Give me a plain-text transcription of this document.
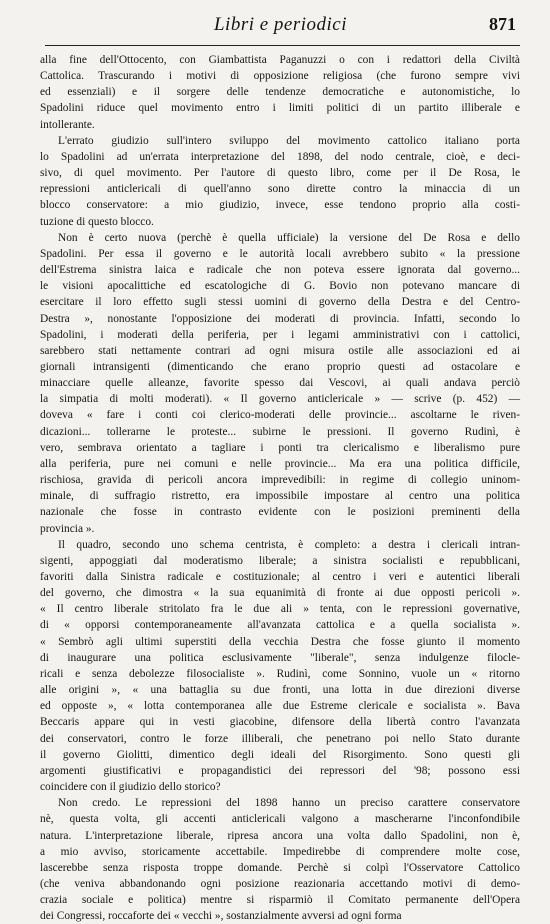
Libri e periodici	871

alla fine dell'Ottocento, con Giambattista Paganuzzi o con i redattori della Civiltà

Cattolica. Trascurando i motivi di opposizione religiosa (che furono sempre vivi

ed essenziali) e il sorgere delle tendenze democratiche e autonomistiche, lo

Spadolini riduce quel movimento entro i limiti politici di un partito illiberale e

intollerante.

L'errato giudizio sull'intero sviluppo del movimento cattolico italiano porta

lo Spadolini ad un'errata interpretazione del 1898, del nodo centrale, cioè, e deci-

sivo, di quel movimento. Per l'autore di questo libro, come per il De Rosa, le

repressioni anticlericali di quell'anno sono dirette contro la minaccia di un

blocco conservatore: a mio giudizio, invece, esse tendono proprio alla costi-

tuzione di questo blocco.

Non è certo nuova (perchè è quella ufficiale) la versione del De Rosa e dello

Spadolini. Per essa il governo e le autorità locali avrebbero subito « la pressione

dell'Estrema sinistra laica e radicale che non poteva essere ignorata dal governo...

le visioni apocalittiche ed escatologiche di G. Bovio non potevano mancare di

esercitare il loro effetto sugli stessi uomini di governo della Destra e del Centro-

Destra », nonostante l'opposizione dei moderati di provincia. Infatti, secondo lo

Spadolini, i moderati della periferia, per i legami amministrativi con i cattolici,

sarebbero stati nettamente contrari ad ogni misura ostile alle associazioni ed ai

giornali intransigenti (dimenticando che erano proprio questi ad ostacolare e

minacciare quelle alleanze, favorite spesso dai Vescovi, ai quali andava perciò

la simpatia di molti moderati). « Il governo anticlericale » — scrive (p. 452) —

doveva « fare i conti coi clerico-moderati delle provincie... ascoltarne le riven-

dicazioni... tollerarne le proteste... subirne le pressioni. Il governo Rudinì, è

vero, sembrava orientato a tagliare i ponti tra clericalismo e liberalismo pure

alla periferia, pure nei comuni e nelle provincie... Ma era una politica difficile,

rischiosa, gravida di pericoli ancora imprevedibili: in regime di collegio uninom-

minale, di suffragio ristretto, era impossibile impostare al centro una politica

nazionale che fosse in contrasto evidente con le posizioni preminenti della

provincia ».

Il quadro, secondo uno schema centrista, è completo: a destra i clericali intran-

sigenti, appoggiati dal moderatismo liberale; a sinistra socialisti e repubblicani,

favoriti dalla Sinistra radicale e costituzionale; al centro i veri e autentici liberali

del governo, che dimostra « la sua equanimità di fronte ai due opposti pericoli ».

« Il centro liberale stritolato fra le due ali » tenta, con le repressioni governative,

di « opporsi contemporaneamente all'avanzata cattolica e a quella socialista ».

« Sembrò agli ultimi superstiti della vecchia Destra che fosse giunto il momento

di inaugurare una politica esclusivamente "liberale", senza indulgenze filocle-

ricali e senza debolezze filosocialiste ». Rudinì, come Sonnino, vuole un « ritorno

alle origini », « una battaglia su due fronti, una lotta in due direzioni diverse

ed opposte », « lotta contemporanea alle due Estreme clericale e socialista ». Bava

Beccaris appare qui in vesti giacobine, difensore della libertà contro l'avanzata

dei conservatori, contro le forze illiberali, che penetrano poi nello Stato durante

il governo Giolitti, dimentico degli ideali del Risorgimento. Sono questi gli

argomenti giustificativi e propagandistici dei repressori del '98; possono essi

coincidere con il giudizio dello storico?

Non credo. Le repressioni del 1898 hanno un preciso carattere conservatore

nè, questa volta, gli accenti anticlericali valgono a mascherarne l'inconfondibile

natura. L'interpretazione liberale, ripresa ancora una volta dallo Spadolini, non è,

a mio avviso, storicamente accettabile. Impedirebbe di comprendere molte cose,

lascerebbe senza risposta troppe domande. Perchè si colpì l'Osservatore Cattolico

(che veniva abbandonando ogni posizione reazionaria accettando motivi di demo-

crazia sociale e politica) mentre si risparmiò il Comitato permanente dell'Opera

dei Congressi, roccaforte dei « vecchi », sostanzialmente avversi ad ogni forma
